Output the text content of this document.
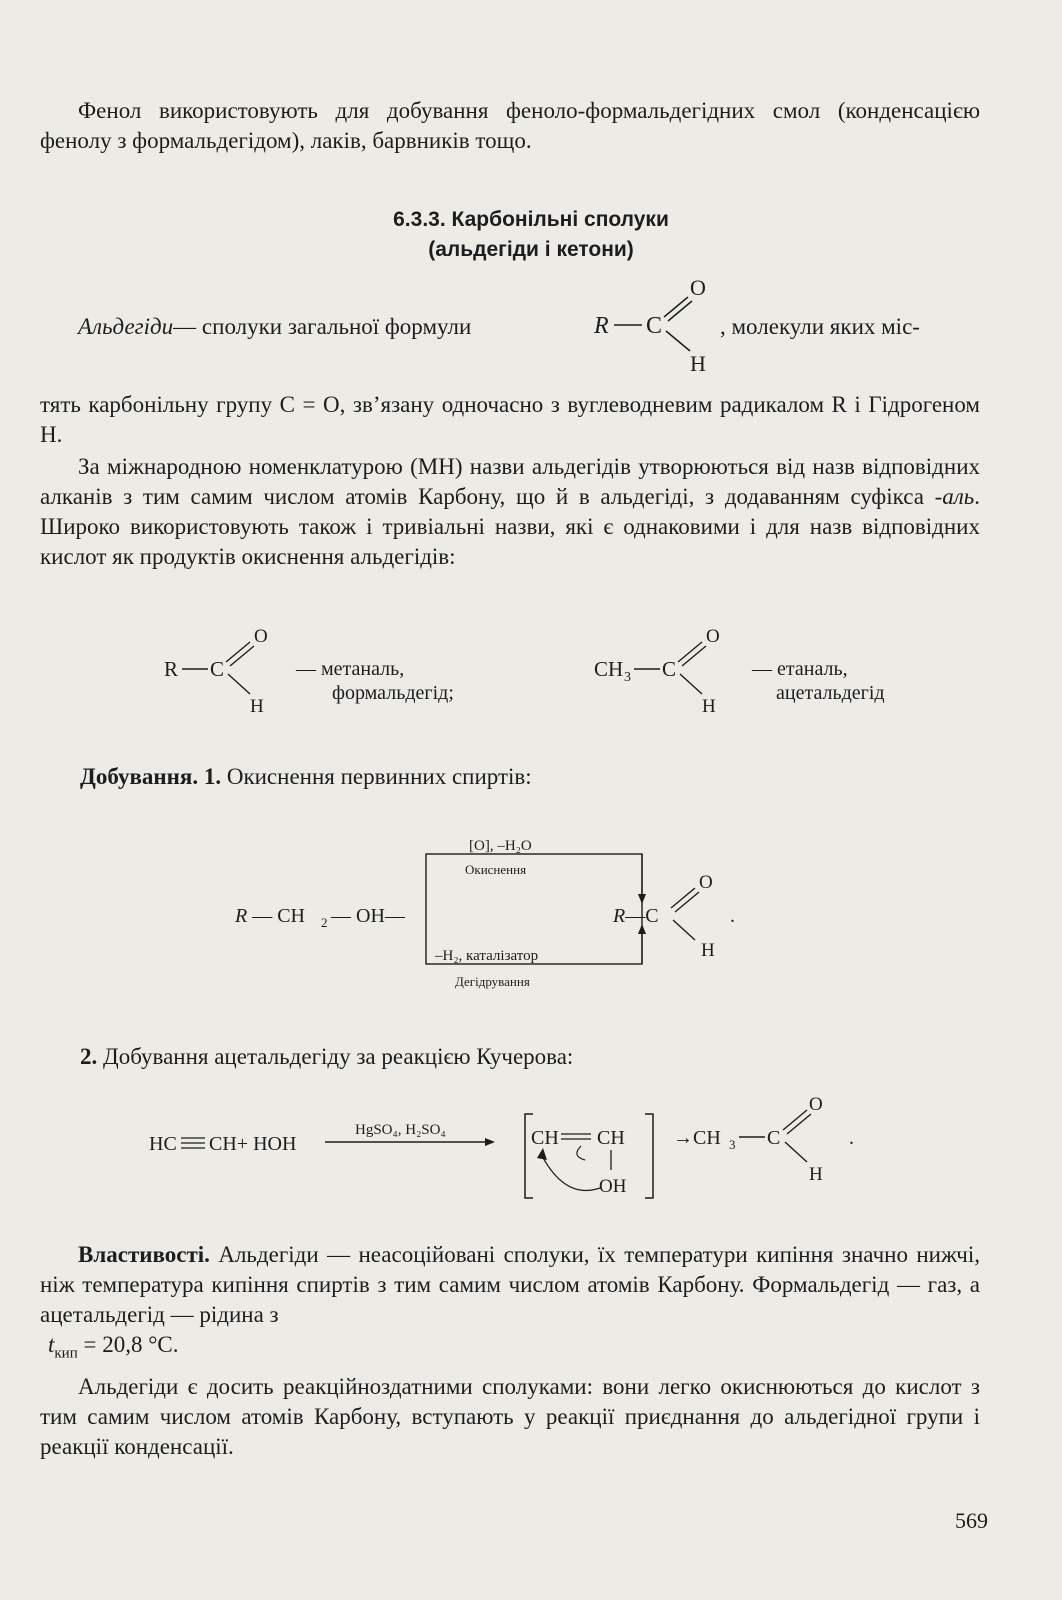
Фенол використовують для добування феноло-формальдегідних смол (конденсацією фенолу з формальдегідом), лаків, барвників тощо.
6.3.3. Карбонільні сполуки
(альдегіди і кетони)
Альдегіди— сполуки загальної формули	R C
O
H
, молекули яких міс-
тять карбонільну групу C = O, зв’язану одночасно з вуглеводневим радикалом R і Гідрогеном H.
За міжнародною номенклатурою (МН) назви альдегідів утворюються від назв відповідних алканів з тим самим числом атомів Карбону, що й в альдегіді, з додаванням суфікса -аль. Широко використовують також і тривіальні назви, які є однаковими і для назв відповідних кислот як продуктів окиснення альдегідів:
R C
O
H
— метаналь,
формальдегід;
CH 3 C
O
H
— етаналь,
ацетальдегід
Добування. 1. Окиснення первинних спиртів:
R — CH 2 — OH—	R—C
O
H
.
[O], –H₂O
Окиснення
–H₂, каталізатор
Дегідрування
2. Добування ацетальдегіду за реакцією Кучерова:
HC CH+ HOH
HgSO₄, H₂SO₄	CH CH
OH
→CH 3 C
O
H
.
Властивості. Альдегіди — неасоційовані сполуки, їх температури кипіння значно нижчі, ніж температура кипіння спиртів з тим самим числом атомів Карбону. Формальдегід — газ, а ацетальдегід — рідина з
$t_{кип} = 20,8$ °С.
Альдегіди є досить реакційноздатними сполуками: вони легко окиснюються до кислот з тим самим числом атомів Карбону, вступають у реакції приєднання до альдегідної групи і реакції конденсації.
569
